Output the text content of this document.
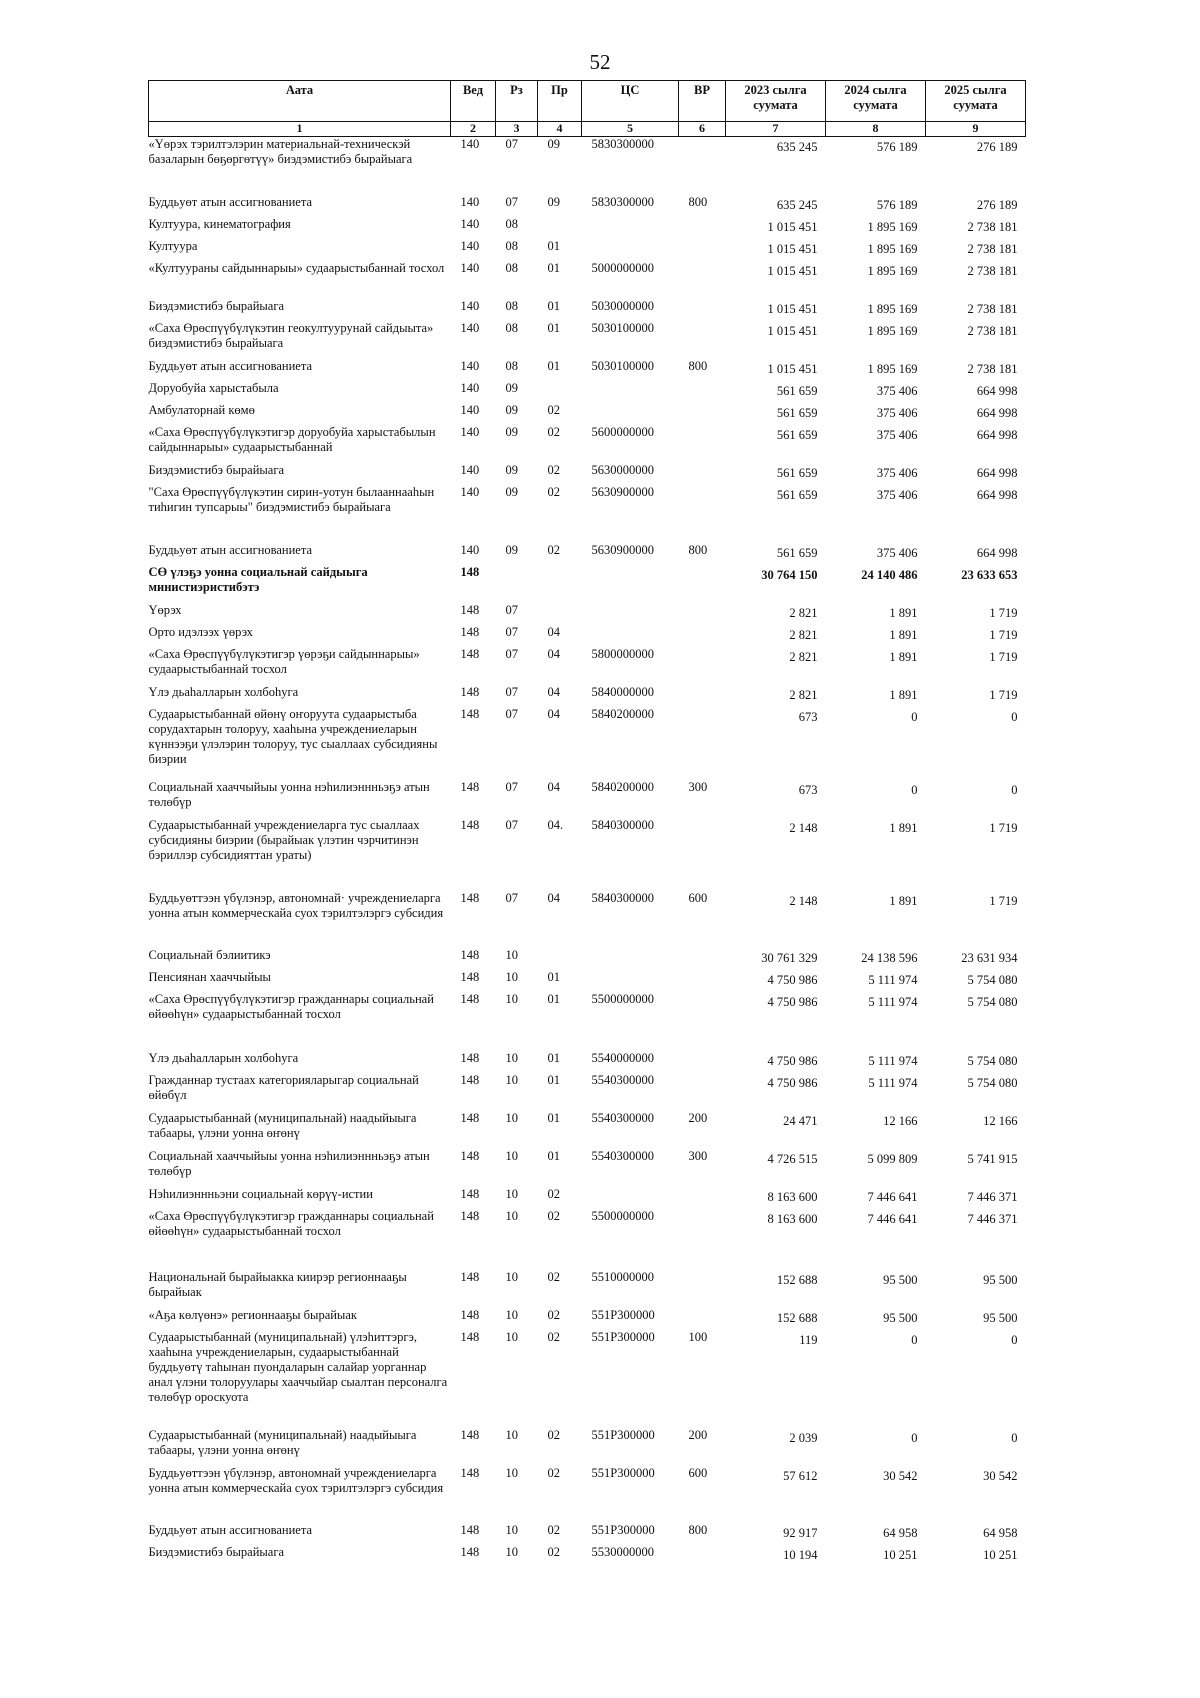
52
Аата	Вед	Рз	Пр	ЦС	ВР	2023 сылга суумата	2024 сылга суумата	2025 сылга суумата
1	2	3	4	5	6	7	8	9
«Үөрэх тэрилтэлэрин материальнай-техническэй базаларын бөҕөргөтүү» биэдэмистибэ бырайыага	140	07	09	5830300000		635 245	576 189	276 189
Буддьуөт атын ассигнованиета	140	07	09	5830300000	800	635 245	576 189	276 189
Култуура, кинематография	140	08				1 015 451	1 895 169	2 738 181
Култуура	140	08	01			1 015 451	1 895 169	2 738 181
«Култуураны сайдыннарыы» судаарыстыбаннай тосхол	140	08	01	5000000000		1 015 451	1 895 169	2 738 181
Биэдэмистибэ бырайыага	140	08	01	5030000000		1 015 451	1 895 169	2 738 181
«Саха Өрөспүүбүлүкэтин геокултуурунай сайдыыта» биэдэмистибэ бырайыага	140	08	01	5030100000		1 015 451	1 895 169	2 738 181
Буддьуөт атын ассигнованиета	140	08	01	5030100000	800	1 015 451	1 895 169	2 738 181
Доруобуйа харыстабыла	140	09				561 659	375 406	664 998
Амбулаторнай көмө	140	09	02			561 659	375 406	664 998
«Саха Өрөспүүбүлүкэтигэр доруобуйа харыстабылын сайдыннарыы» судаарыстыбаннай	140	09	02	5600000000		561 659	375 406	664 998
Биэдэмистибэ бырайыага	140	09	02	5630000000		561 659	375 406	664 998
"Саха Өрөспүүбүлүкэтин сирин-уотун былааннааһын тиһигин тупсарыы" биэдэмистибэ бырайыага	140	09	02	5630900000		561 659	375 406	664 998
Буддьуөт атын ассигнованиета	140	09	02	5630900000	800	561 659	375 406	664 998
СӨ үлэҕэ уонна социальнай сайдыыга министиэристибэтэ	148					30 764 150	24 140 486	23 633 653
Үөрэх	148	07				2 821	1 891	1 719
Орто идэлээх үөрэх	148	07	04			2 821	1 891	1 719
«Саха Өрөспүүбүлүкэтигэр үөрэҕи сайдыннарыы» судаарыстыбаннай тосхол	148	07	04	5800000000		2 821	1 891	1 719
Үлэ дьаһалларын холбоһуга	148	07	04	5840000000		2 821	1 891	1 719
Судаарыстыбаннай өйөнү оҥоруута судаарыстыба сорудахтарын толоруу, хааһына учреждениеларын күннээҕи үлэлэрин толоруу, тус сыаллаах субсидияны биэрии	148	07	04	5840200000		673	0	0
Социальнай хааччыйыы уонна нэһилиэннньэҕэ атын төлөбүр	148	07	04	5840200000	300	673	0	0
Судаарыстыбаннай учреждениеларга тус сыаллаах субсидияны биэрии (бырайыак үлэтин чэрчитинэн бэриллэр субсидияттан ураты)	148	07	04.	5840300000		2 148	1 891	1 719
Буддьуөттээн үбүлэнэр, автономнай· учреждениеларга уонна атын коммерческайа суох тэрилтэлэргэ субсидия	148	07	04	5840300000	600	2 148	1 891	1 719
Социальнай бэлиитикэ	148	10				30 761 329	24 138 596	23 631 934
Пенсиянан хааччыйыы	148	10	01			4 750 986	5 111 974	5 754 080
«Саха Өрөспүүбүлүкэтигэр гражданнары социальнай өйөөһүн» судаарыстыбаннай тосхол	148	10	01	5500000000		4 750 986	5 111 974	5 754 080
Үлэ дьаһалларын холбоһуга	148	10	01	5540000000		4 750 986	5 111 974	5 754 080
Гражданнар тустаах категорияларыгар социальнай өйөбүл	148	10	01	5540300000		4 750 986	5 111 974	5 754 080
Судаарыстыбаннай (муниципальнай) наадыйыыга табаары, үлэни уонна өҥөнү	148	10	01	5540300000	200	24 471	12 166	12 166
Социальнай хааччыйыы уонна нэһилиэннньэҕэ атын төлөбүр	148	10	01	5540300000	300	4 726 515	5 099 809	5 741 915
Нэһилиэннньэни социальнай көрүү-истии	148	10	02			8 163 600	7 446 641	7 446 371
«Саха Өрөспүүбүлүкэтигэр гражданнары социальнай өйөөһүн» судаарыстыбаннай тосхол	148	10	02	5500000000		8 163 600	7 446 641	7 446 371
Национальнай бырайыакка киирэр регионнааҕы бырайыак	148	10	02	5510000000		152 688	95 500	95 500
«Аҕа көлүөнэ» регионнааҕы бырайыак	148	10	02	551P300000		152 688	95 500	95 500
Судаарыстыбаннай (муниципальнай) үлэһиттэргэ, хааһына учреждениеларын, судаарыстыбаннай буддьуөтү таһынан пуондаларын салайар уорганнар анал үлэни толоруулары хааччыйар сыалтан персоналга төлөбүр ороскуота	148	10	02	551P300000	100	119	0	0
Судаарыстыбаннай (муниципальнай) наадыйыыга табаары, үлэни уонна өҥөнү	148	10	02	551P300000	200	2 039	0	0
Буддьуөттээн үбүлэнэр, автономнай учреждениеларга уонна атын коммерческайа суох тэрилтэлэргэ субсидия	148	10	02	551P300000	600	57 612	30 542	30 542
Буддьуөт атын ассигнованиета	148	10	02	551P300000	800	92 917	64 958	64 958
Биэдэмистибэ бырайыага	148	10	02	5530000000		10 194	10 251	10 251
